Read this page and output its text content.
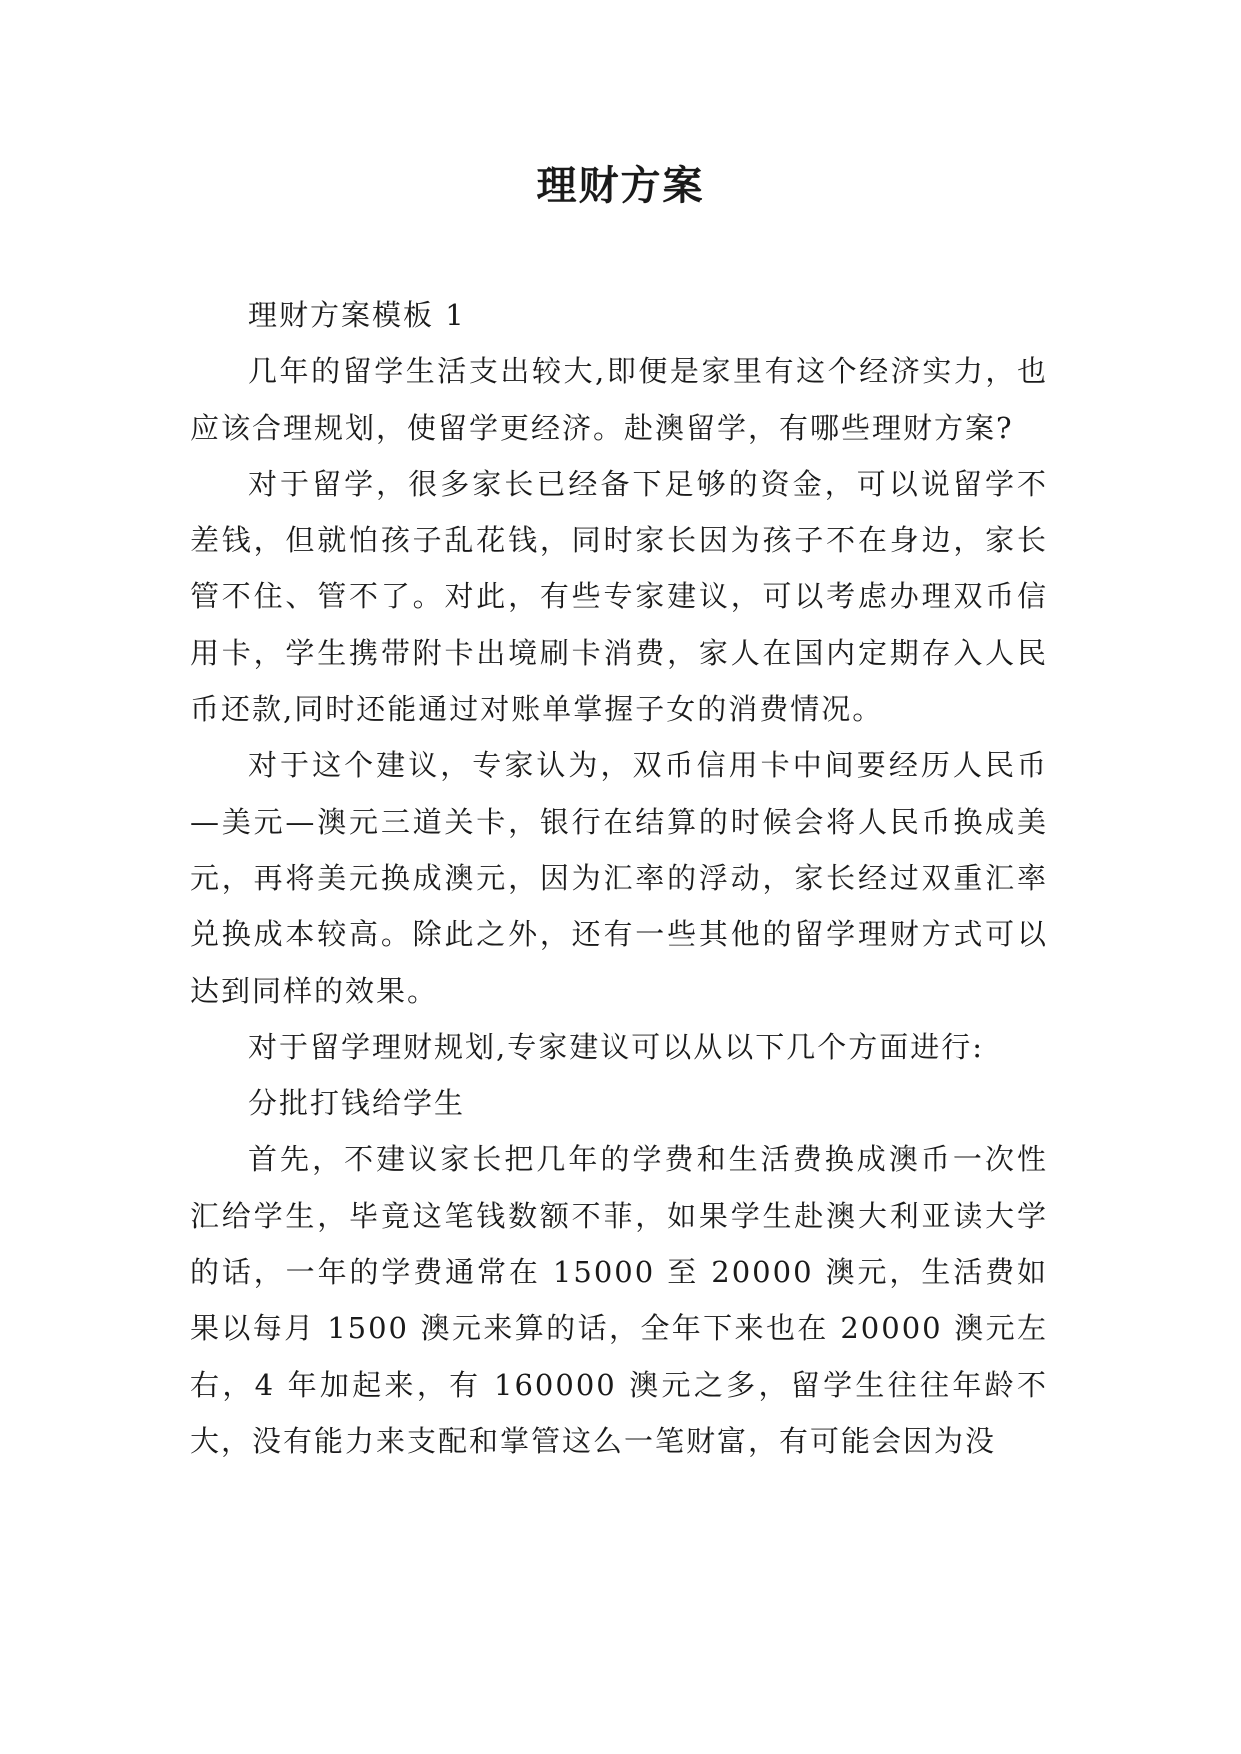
理财方案

理财方案模板 1

几年的留学生活支出较大,即便是家里有这个经济实力，也应该合理规划，使留学更经济。赴澳留学，有哪些理财方案?

对于留学，很多家长已经备下足够的资金，可以说留学不差钱，但就怕孩子乱花钱，同时家长因为孩子不在身边，家长管不住、管不了。对此，有些专家建议，可以考虑办理双币信用卡，学生携带附卡出境刷卡消费，家人在国内定期存入人民币还款,同时还能通过对账单掌握子女的消费情况。

对于这个建议，专家认为，双币信用卡中间要经历人民币—美元—澳元三道关卡，银行在结算的时候会将人民币换成美元，再将美元换成澳元，因为汇率的浮动，家长经过双重汇率兑换成本较高。除此之外，还有一些其他的留学理财方式可以达到同样的效果。

对于留学理财规划,专家建议可以从以下几个方面进行:

分批打钱给学生

首先，不建议家长把几年的学费和生活费换成澳币一次性汇给学生，毕竟这笔钱数额不菲，如果学生赴澳大利亚读大学的话，一年的学费通常在 15000 至 20000 澳元，生活费如果以每月 1500 澳元来算的话，全年下来也在 20000 澳元左右，4 年加起来，有 160000 澳元之多，留学生往往年龄不大，没有能力来支配和掌管这么一笔财富，有可能会因为没
